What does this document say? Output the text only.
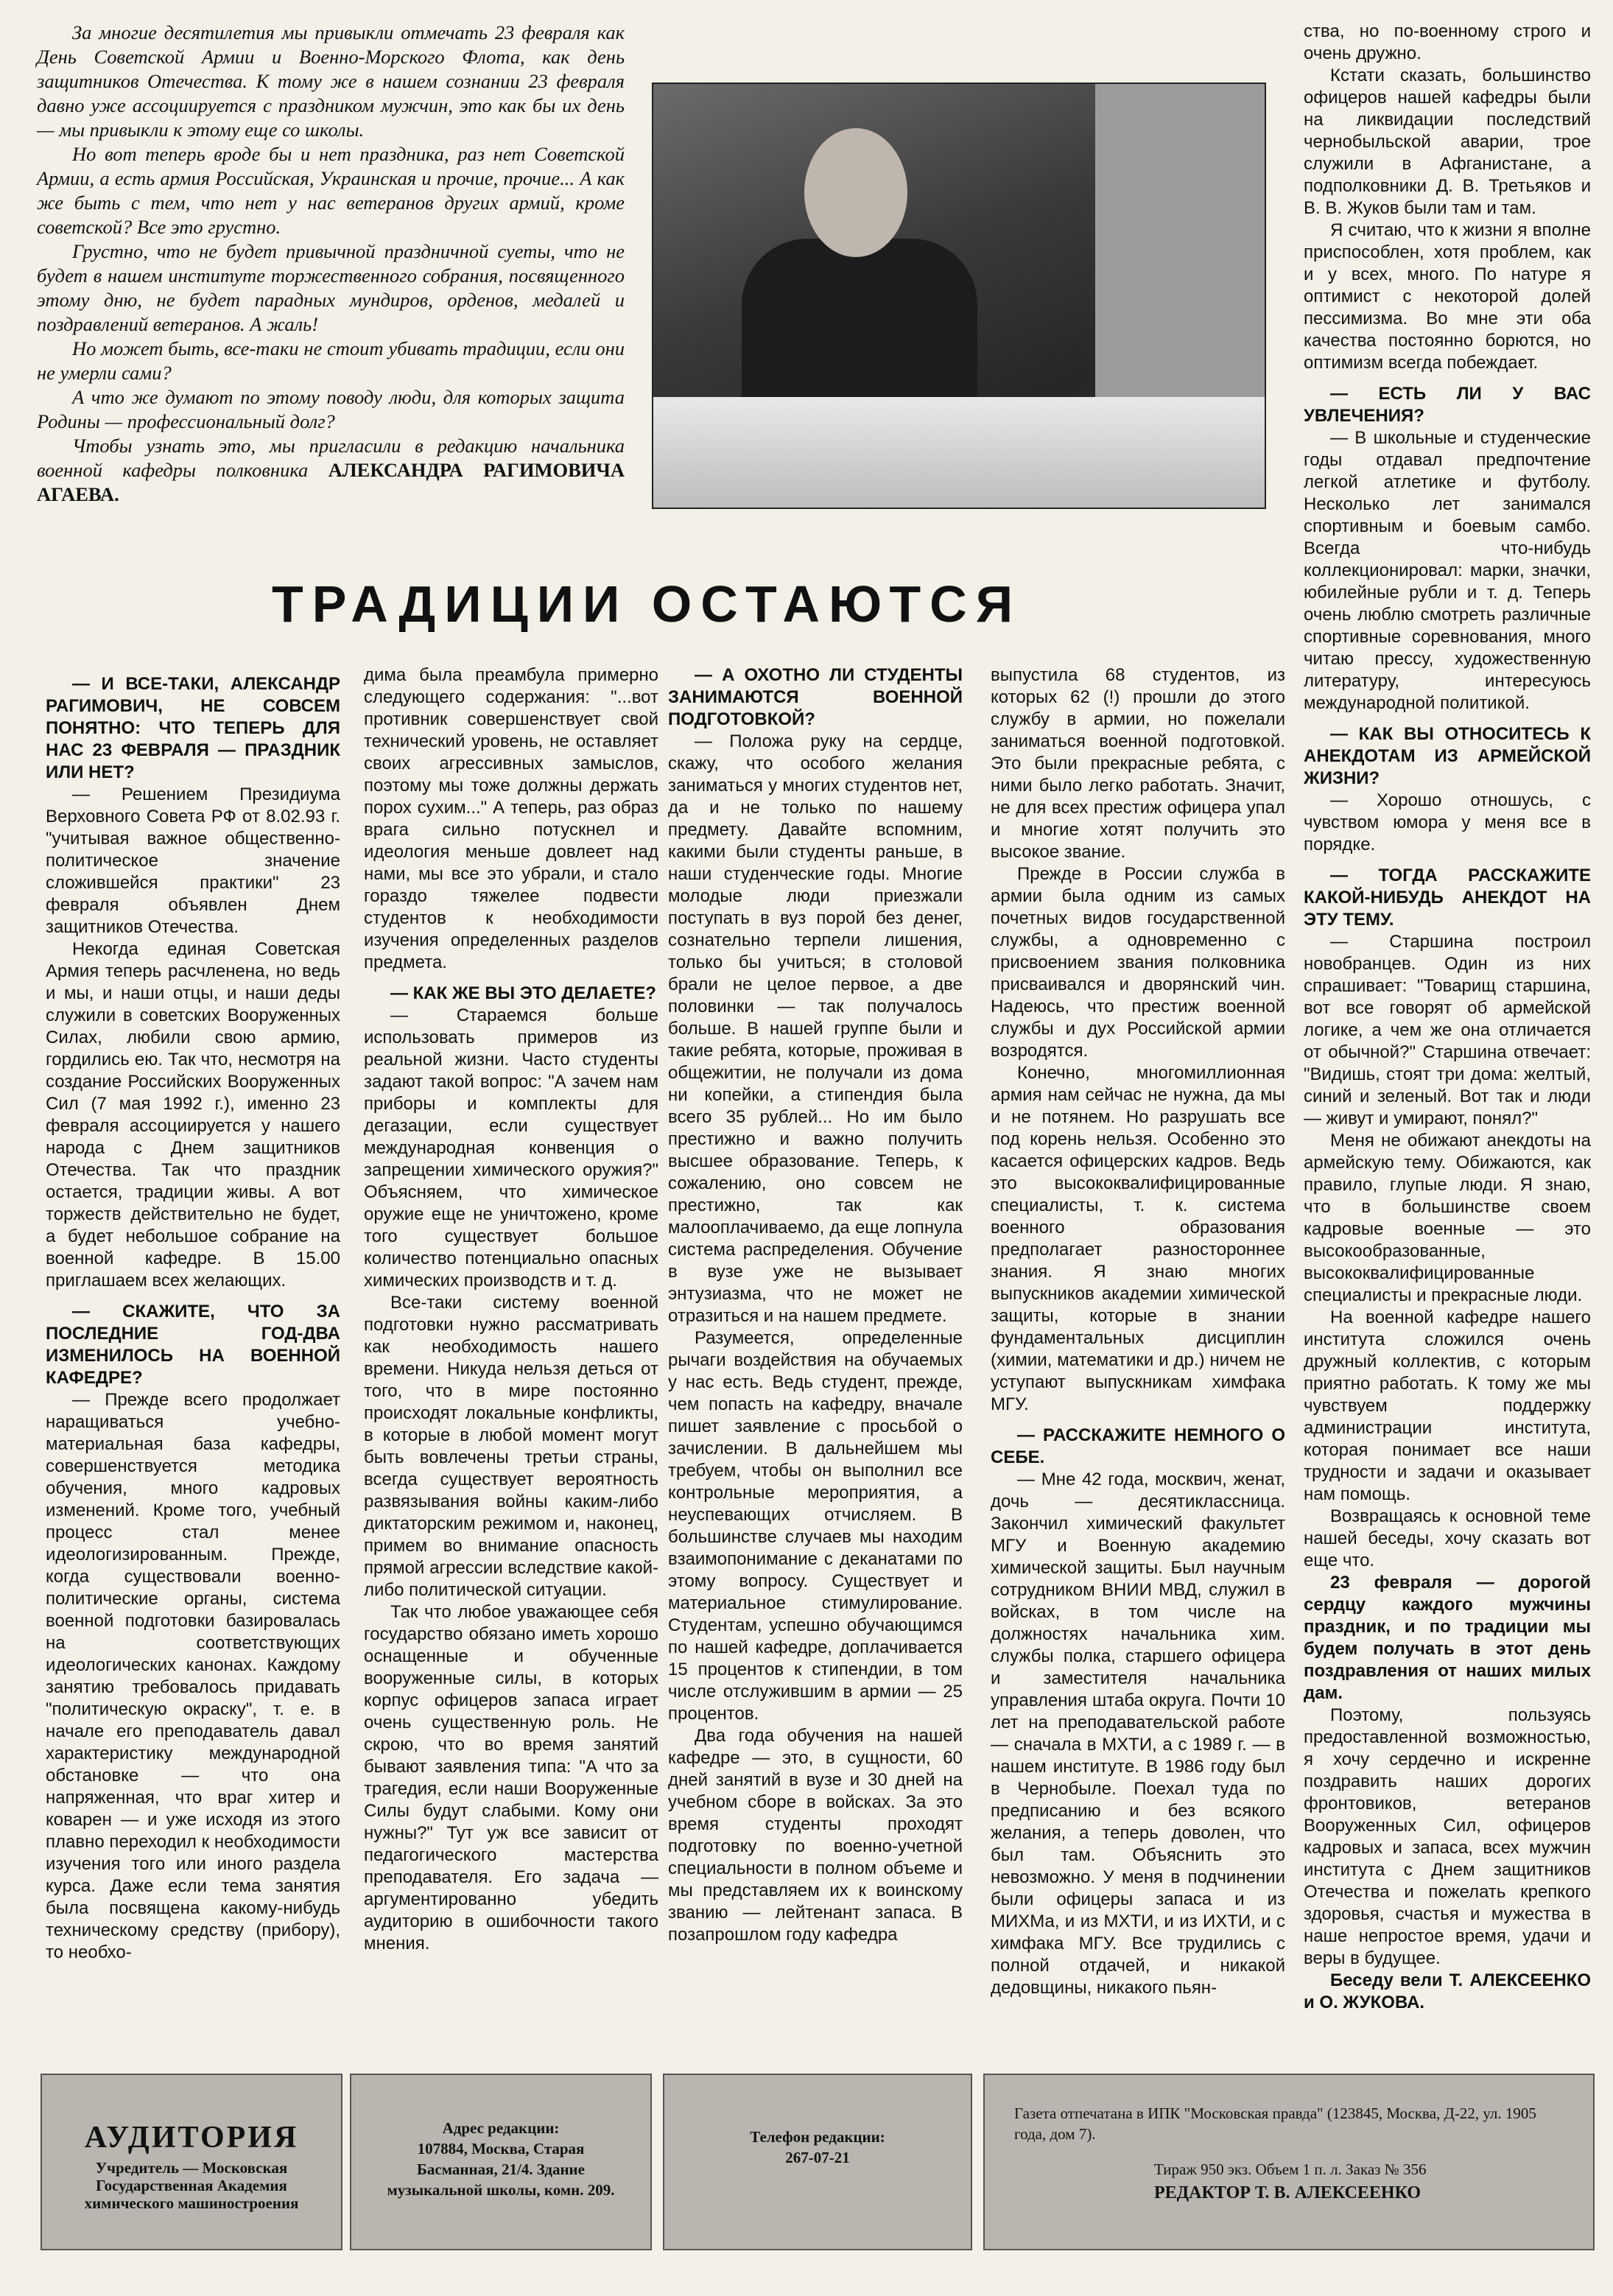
За многие десятилетия мы привыкли отмечать 23 февраля как День Советской Армии и Военно-Морского Флота, как день защитников Отечества. К тому же в нашем сознании 23 февраля давно уже ассоциируется с праздником мужчин, это как бы их день — мы привыкли к этому еще со школы.

Но вот теперь вроде бы и нет праздника, раз нет Советской Армии, а есть армия Российская, Украинская и прочие, прочие... А как же быть с тем, что нет у нас ветеранов других армий, кроме советской? Все это грустно.

Грустно, что не будет привычной праздничной суеты, что не будет в нашем институте торжественного собрания, посвященного этому дню, не будет парадных мундиров, орденов, медалей и поздравлений ветеранов. А жаль!

Но может быть, все-таки не стоит убивать традиции, если они не умерли сами?

А что же думают по этому поводу люди, для которых защита Родины — профессиональный долг?

Чтобы узнать это, мы пригласили в редакцию начальника военной кафедры полковника АЛЕКСАНДРА РАГИМОВИЧА АГАЕВА.

ТРАДИЦИИ ОСТАЮТСЯ

— И ВСЕ-ТАКИ, АЛЕКСАНДР РАГИМОВИЧ, НЕ СОВСЕМ ПОНЯТНО: ЧТО ТЕПЕРЬ ДЛЯ НАС 23 ФЕВРАЛЯ — ПРАЗДНИК ИЛИ НЕТ?

— Решением Президиума Верховного Совета РФ от 8.02.93 г. "учитывая важное общественно-политическое значение сложившейся практики" 23 февраля объявлен Днем защитников Отечества.

Некогда единая Советская Армия теперь расчленена, но ведь и мы, и наши отцы, и наши деды служили в советских Вооруженных Силах, любили свою армию, гордились ею. Так что, несмотря на создание Российских Вооруженных Сил (7 мая 1992 г.), именно 23 февраля ассоциируется у нашего народа с Днем защитников Отечества. Так что праздник остается, традиции живы. А вот торжеств действительно не будет, а будет небольшое собрание на военной кафедре. В 15.00 приглашаем всех желающих.

— СКАЖИТЕ, ЧТО ЗА ПОСЛЕДНИЕ ГОД-ДВА ИЗМЕНИЛОСЬ НА ВОЕННОЙ КАФЕДРЕ?

— Прежде всего продолжает наращиваться учебно-материальная база кафедры, совершенствуется методика обучения, много кадровых изменений. Кроме того, учебный процесс стал менее идеологизированным. Прежде, когда существовали военно-политические органы, система военной подготовки базировалась на соответствующих идеологических канонах. Каждому занятию требовалось придавать "политическую окраску", т. е. в начале его преподаватель давал характеристику международной обстановке — что она напряженная, что враг хитер и коварен — и уже исходя из этого плавно переходил к необходимости изучения того или иного раздела курса. Даже если тема занятия была посвящена какому-нибудь техническому средству (прибору), то необхо-

дима была преамбула примерно следующего содержания: "...вот противник совершенствует свой технический уровень, не оставляет своих агрессивных замыслов, поэтому мы тоже должны держать порох сухим..." А теперь, раз образ врага сильно потускнел и идеология меньше довлеет над нами, мы все это убрали, и стало гораздо тяжелее подвести студентов к необходимости изучения определенных разделов предмета.

— КАК ЖЕ ВЫ ЭТО ДЕЛАЕТЕ?

— Стараемся больше использовать примеров из реальной жизни. Часто студенты задают такой вопрос: "А зачем нам приборы и комплекты для дегазации, если существует международная конвенция о запрещении химического оружия?" Объясняем, что химическое оружие еще не уничтожено, кроме того существует большое количество потенциально опасных химических производств и т. д.

Все-таки систему военной подготовки нужно рассматривать как необходимость нашего времени. Никуда нельзя деться от того, что в мире постоянно происходят локальные конфликты, в которые в любой момент могут быть вовлечены третьи страны, всегда существует вероятность развязывания войны каким-либо диктаторским режимом и, наконец, примем во внимание опасность прямой агрессии вследствие какой-либо политической ситуации.

Так что любое уважающее себя государство обязано иметь хорошо оснащенные и обученные вооруженные силы, в которых корпус офицеров запаса играет очень существенную роль. Не скрою, что во время занятий бывают заявления типа: "А что за трагедия, если наши Вооруженные Силы будут слабыми. Кому они нужны?" Тут уж все зависит от педагогического мастерства преподавателя. Его задача — аргументированно убедить аудиторию в ошибочности такого мнения.

— А ОХОТНО ЛИ СТУДЕНТЫ ЗАНИМАЮТСЯ ВОЕННОЙ ПОДГОТОВКОЙ?

— Положа руку на сердце, скажу, что особого желания заниматься у многих студентов нет, да и не только по нашему предмету. Давайте вспомним, какими были студенты раньше, в наши студенческие годы. Многие молодые люди приезжали поступать в вуз порой без денег, сознательно терпели лишения, только бы учиться; в столовой брали не целое первое, а две половинки — так получалось больше. В нашей группе были и такие ребята, которые, проживая в общежитии, не получали из дома ни копейки, а стипендия была всего 35 рублей... Но им было престижно и важно получить высшее образование. Теперь, к сожалению, оно совсем не престижно, так как малооплачиваемо, да еще лопнула система распределения. Обучение в вузе уже не вызывает энтузиазма, что не может не отразиться и на нашем предмете.

Разумеется, определенные рычаги воздействия на обучаемых у нас есть. Ведь студент, прежде, чем попасть на кафедру, вначале пишет заявление с просьбой о зачислении. В дальнейшем мы требуем, чтобы он выполнил все контрольные мероприятия, а неуспевающих отчисляем. В большинстве случаев мы находим взаимопонимание с деканатами по этому вопросу. Существует и материальное стимулирование. Студентам, успешно обучающимся по нашей кафедре, доплачивается 15 процентов к стипендии, в том числе отслужившим в армии — 25 процентов.

Два года обучения на нашей кафедре — это, в сущности, 60 дней занятий в вузе и 30 дней на учебном сборе в войсках. За это время студенты проходят подготовку по военно-учетной специальности в полном объеме и мы представляем их к воинскому званию — лейтенант запаса. В позапрошлом году кафедра

выпустила 68 студентов, из которых 62 (!) прошли до этого службу в армии, но пожелали заниматься военной подготовкой. Это были прекрасные ребята, с ними было легко работать. Значит, не для всех престиж офицера упал и многие хотят получить это высокое звание.

Прежде в России служба в армии была одним из самых почетных видов государственной службы, а одновременно с присвоением звания полковника присваивался и дворянский чин. Надеюсь, что престиж военной службы и дух Российской армии возродятся.

Конечно, многомиллионная армия нам сейчас не нужна, да мы и не потянем. Но разрушать все под корень нельзя. Особенно это касается офицерских кадров. Ведь это высококвалифицированные специалисты, т. к. система военного образования предполагает разностороннее знания. Я знаю многих выпускников академии химической защиты, которые в знании фундаментальных дисциплин (химии, математики и др.) ничем не уступают выпускникам химфака МГУ.

— РАССКАЖИТЕ НЕМНОГО О СЕБЕ.

— Мне 42 года, москвич, женат, дочь — десятиклассница. Закончил химический факультет МГУ и Военную академию химической защиты. Был научным сотрудником ВНИИ МВД, служил в войсках, в том числе на должностях начальника хим. службы полка, старшего офицера и заместителя начальника управления штаба округа. Почти 10 лет на преподавательской работе — сначала в МХТИ, а с 1989 г. — в нашем институте. В 1986 году был в Чернобыле. Поехал туда по предписанию и без всякого желания, а теперь доволен, что был там. Объяснить это невозможно. У меня в подчинении были офицеры запаса и из МИХМа, и из МХТИ, и из ИХТИ, и с химфака МГУ. Все трудились с полной отдачей, и никакой дедовщины, никакого пьян-

ства, но по-военному строго и очень дружно.

Кстати сказать, большинство офицеров нашей кафедры были на ликвидации последствий чернобыльской аварии, трое служили в Афганистане, а подполковники Д. В. Третьяков и В. В. Жуков были там и там.

Я считаю, что к жизни я вполне приспособлен, хотя проблем, как и у всех, много. По натуре я оптимист с некоторой долей пессимизма. Во мне эти оба качества постоянно борются, но оптимизм всегда побеждает.

— ЕСТЬ ЛИ У ВАС УВЛЕЧЕНИЯ?

— В школьные и студенческие годы отдавал предпочтение легкой атлетике и футболу. Несколько лет занимался спортивным и боевым самбо. Всегда что-нибудь коллекционировал: марки, значки, юбилейные рубли и т. д. Теперь очень люблю смотреть различные спортивные соревнования, много читаю прессу, художественную литературу, интересуюсь международной политикой.

— КАК ВЫ ОТНОСИТЕСЬ К АНЕКДОТАМ ИЗ АРМЕЙСКОЙ ЖИЗНИ?

— Хорошо отношусь, с чувством юмора у меня все в порядке.

— ТОГДА РАССКАЖИТЕ КАКОЙ-НИБУДЬ АНЕКДОТ НА ЭТУ ТЕМУ.

— Старшина построил новобранцев. Один из них спрашивает: "Товарищ старшина, вот все говорят об армейской логике, а чем же она отличается от обычной?" Старшина отвечает: "Видишь, стоят три дома: желтый, синий и зеленый. Вот так и люди — живут и умирают, понял?"

Меня не обижают анекдоты на армейскую тему. Обижаются, как правило, глупые люди. Я знаю, что в большинстве своем кадровые военные — это высокообразованные, высококвалифицированные специалисты и прекрасные люди.

На военной кафедре нашего института сложился очень дружный коллектив, с которым приятно работать. К тому же мы чувствуем поддержку администрации института, которая понимает все наши трудности и задачи и оказывает нам помощь.

Возвращаясь к основной теме нашей беседы, хочу сказать вот еще что.

23 февраля — дорогой сердцу каждого мужчины праздник, и по традиции мы будем получать в этот день поздравления от наших милых дам.

Поэтому, пользуясь предоставленной возможностью, я хочу сердечно и искренне поздравить наших дорогих фронтовиков, ветеранов Вооруженных Сил, офицеров кадровых и запаса, всех мужчин института с Днем защитников Отечества и пожелать крепкого здоровья, счастья и мужества в наше непростое время, удачи и веры в будущее.

Беседу вели Т. АЛЕКСЕЕНКО и О. ЖУКОВА.

АУДИТОРИЯ
Учредитель — Московская Государственная Академия химического машиностроения
Адрес редакции:
107884, Москва, Старая Басманная, 21/4. Здание музыкальной школы, комн. 209.
Телефон редакции:
267-07-21
Газета отпечатана в ИПК "Московская правда" (123845, Москва, Д-22, ул. 1905 года, дом 7).
Тираж 950 экз. Объем 1 п. л. Заказ № 356
РЕДАКТОР Т. В. АЛЕКСЕЕНКО
